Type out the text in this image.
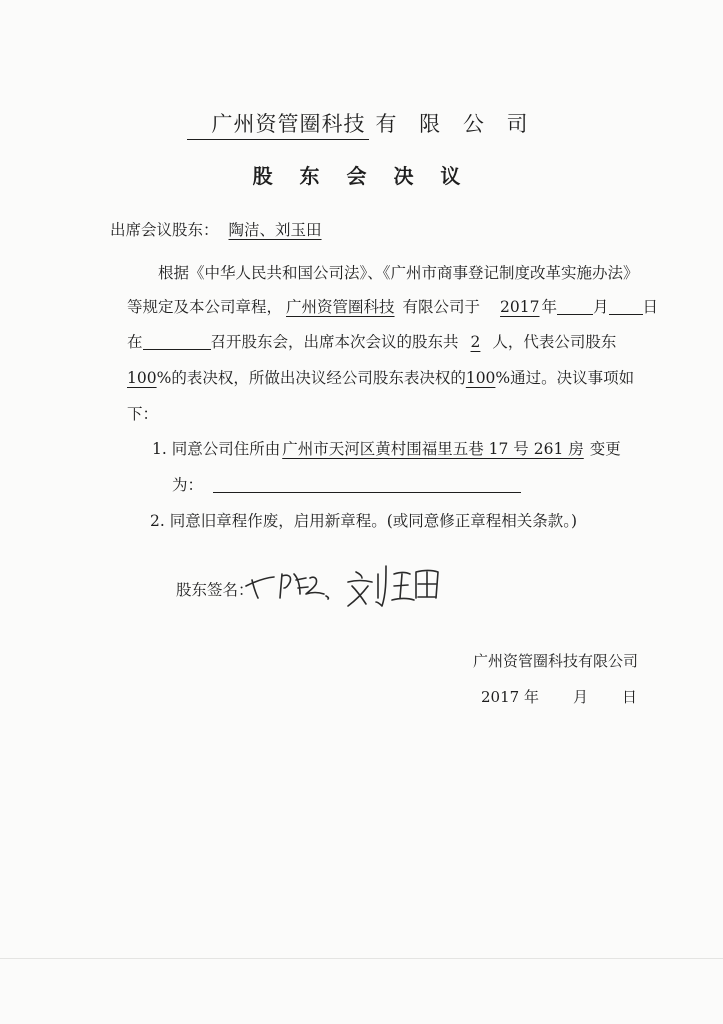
广州资管圈科技 有 限 公 司
股 东 会 决 议
出席会议股东： 陶洁、刘玉田
根据《中华人民共和国公司法》、《广州市商事登记制度改革实施办法》
等规定及本公司章程， 广州资管圈科技 有限公司于 2017 年 月 日
在	召开股东会，出席本次会议的股东共 2 人，代表公司股东
100%的表决权，所做出决议经公司股东表决权的100%通过。决议事项如
下：
1. 同意公司住所由 广州市天河区黄村围福里五巷 17 号 261 房 变更
为：
2. 同意旧章程作废，启用新章程。(或同意修正章程相关条款。)
股东签名：
广州资管圈科技有限公司
2017 年 月 日
